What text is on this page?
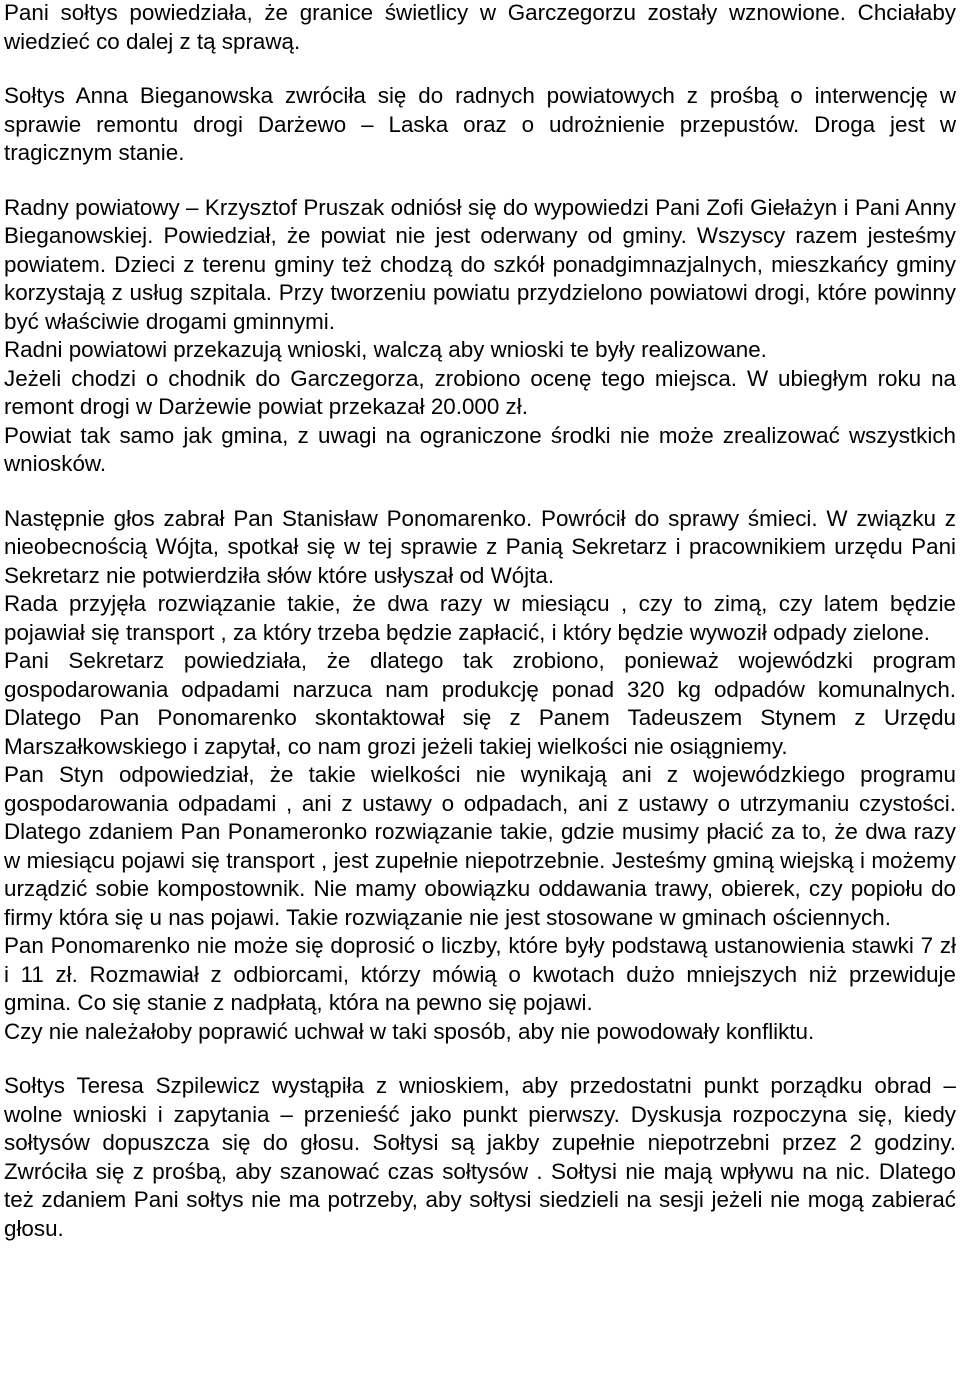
Pani sołtys powiedziała, że granice świetlicy w Garczegorzu zostały wznowione. Chciałaby wiedzieć co dalej z tą sprawą.

Sołtys Anna Bieganowska zwróciła się do radnych powiatowych z prośbą o interwencję w sprawie remontu drogi Darżewo – Laska oraz o udrożnienie przepustów. Droga jest w tragicznym stanie.

Radny powiatowy – Krzysztof Pruszak odniósł się do wypowiedzi Pani Zofi Giełażyn i Pani Anny Bieganowskiej. Powiedział, że powiat nie jest oderwany od gminy. Wszyscy razem jesteśmy powiatem. Dzieci z terenu gminy też chodzą do szkół ponadgimnazjalnych, mieszkańcy gminy korzystają z usług szpitala. Przy tworzeniu powiatu przydzielono powiatowi drogi, które powinny być właściwie drogami gminnymi.

Radni powiatowi przekazują wnioski, walczą aby wnioski te były realizowane.

Jeżeli chodzi o chodnik do Garczegorza, zrobiono ocenę tego miejsca. W ubiegłym roku na remont drogi w Darżewie powiat przekazał 20.000 zł.

Powiat tak samo jak gmina, z uwagi na ograniczone środki nie może zrealizować wszystkich wniosków.

Następnie głos zabrał Pan Stanisław Ponomarenko. Powrócił do sprawy śmieci. W związku z nieobecnością Wójta, spotkał się w tej sprawie z Panią Sekretarz i pracownikiem urzędu Pani Sekretarz nie potwierdziła słów które usłyszał od Wójta.

Rada przyjęła rozwiązanie takie, że dwa razy w miesiącu , czy to zimą, czy latem będzie pojawiał się transport , za który trzeba będzie zapłacić, i który będzie wywoził odpady zielone.

Pani Sekretarz powiedziała, że dlatego tak zrobiono, ponieważ wojewódzki program gospodarowania odpadami narzuca nam produkcję ponad 320 kg odpadów komunalnych. Dlatego Pan Ponomarenko skontaktował się z Panem Tadeuszem Stynem z Urzędu Marszałkowskiego i zapytał, co nam grozi jeżeli takiej wielkości nie osiągniemy.

Pan Styn odpowiedział, że takie wielkości nie wynikają ani z wojewódzkiego programu gospodarowania odpadami , ani z ustawy o odpadach, ani z ustawy o utrzymaniu czystości. Dlatego zdaniem Pan Ponameronko rozwiązanie takie, gdzie musimy płacić za to, że dwa razy w miesiącu pojawi się transport , jest zupełnie niepotrzebnie. Jesteśmy gminą wiejską i możemy urządzić sobie kompostownik. Nie mamy obowiązku oddawania trawy, obierek, czy popiołu do firmy która się u nas pojawi. Takie rozwiązanie nie jest stosowane w gminach ościennych.

Pan Ponomarenko nie może się doprosić o liczby, które były podstawą ustanowienia stawki 7 zł i 11 zł. Rozmawiał z odbiorcami, którzy mówią o kwotach dużo mniejszych niż przewiduje gmina. Co się stanie z nadpłatą, która na pewno się pojawi.

Czy nie należałoby poprawić uchwał w taki sposób, aby nie powodowały konfliktu.

Sołtys Teresa Szpilewicz wystąpiła z wnioskiem, aby przedostatni punkt porządku obrad – wolne wnioski i zapytania – przenieść jako punkt pierwszy. Dyskusja rozpoczyna się, kiedy sołtysów dopuszcza się do głosu. Sołtysi są jakby zupełnie niepotrzebni przez 2 godziny. Zwróciła się z prośbą, aby szanować czas sołtysów . Sołtysi nie mają wpływu na nic. Dlatego też zdaniem Pani sołtys nie ma potrzeby, aby sołtysi siedzieli na sesji jeżeli nie mogą zabierać głosu.
